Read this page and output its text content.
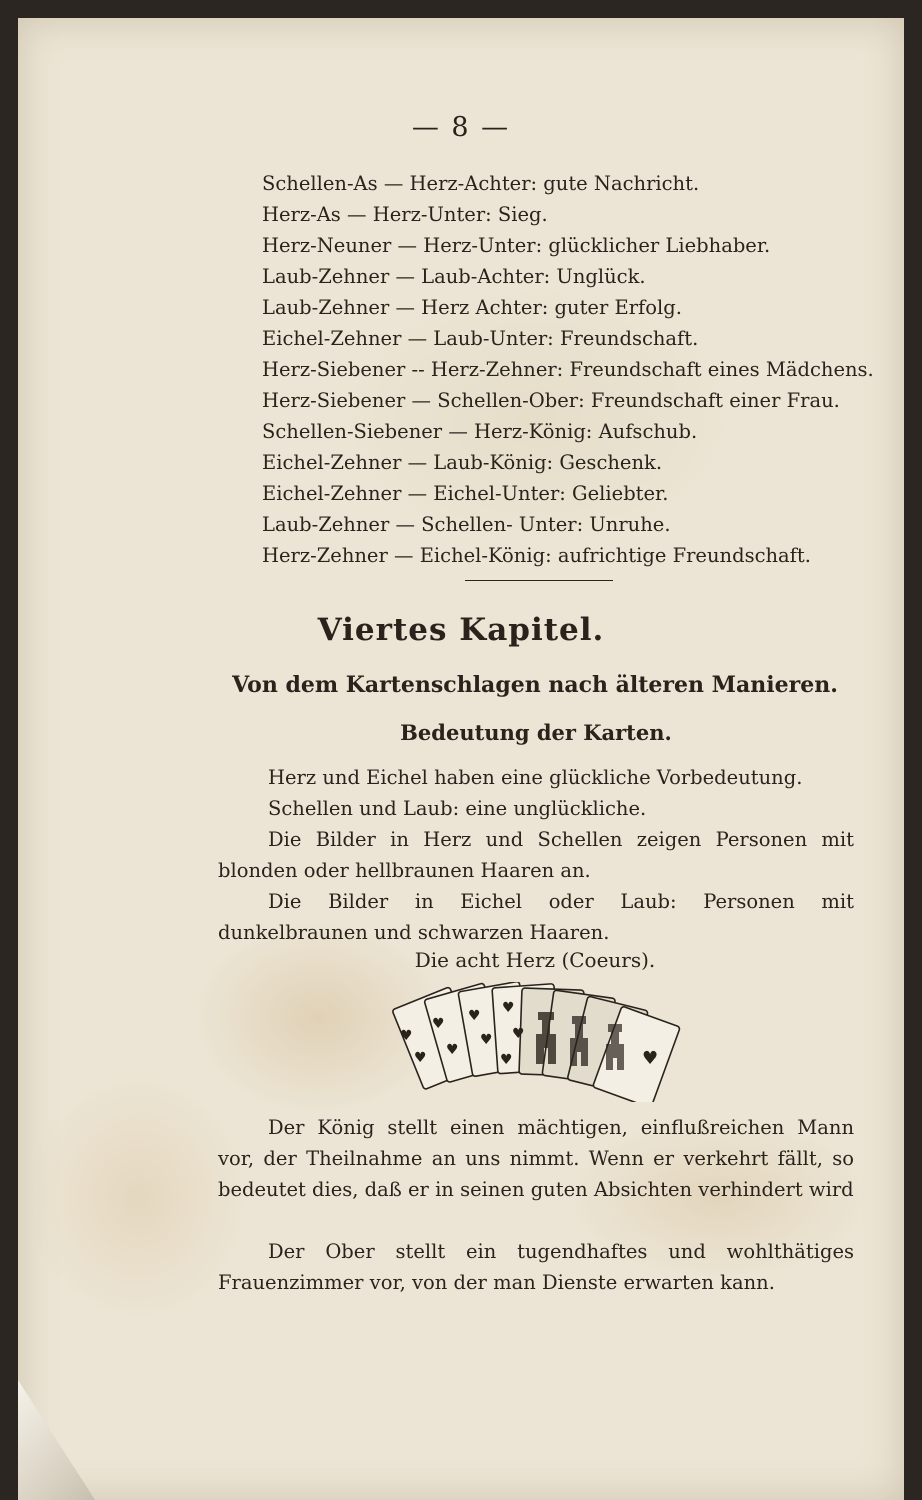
— 8 —
Schellen-As — Herz-Achter: gute Nachricht.
Herz-As — Herz-Unter: Sieg.
Herz-Neuner — Herz-Unter: glücklicher Liebhaber.
Laub-Zehner — Laub-Achter: Unglück.
Laub-Zehner — Herz Achter: guter Erfolg.
Eichel-Zehner — Laub-Unter: Freundschaft.
Herz-Siebener -- Herz-Zehner: Freundschaft eines Mädchens.
Herz-Siebener — Schellen-Ober: Freundschaft einer Frau.
Schellen-Siebener — Herz-König: Aufschub.
Eichel-Zehner — Laub-König: Geschenk.
Eichel-Zehner — Eichel-Unter: Geliebter.
Laub-Zehner — Schellen- Unter: Unruhe.
Herz-Zehner — Eichel-König: aufrichtige Freundschaft.
Viertes Kapitel.
Von dem Kartenschlagen nach älteren Manieren.
Bedeutung der Karten.
Herz und Eichel haben eine glückliche Vorbedeutung.
Schellen und Laub: eine unglückliche.
Die Bilder in Herz und Schellen zeigen Personen mit blonden oder hellbraunen Haaren an.
Die Bilder in Eichel oder Laub: Personen mit dunkelbraunen und schwarzen Haaren.
Die acht Herz (Coeurs).
♥
♥
♥
♥
♥
♥
♥
♥
♥	♥
Der König stellt einen mächtigen, einflußreichen Mann vor, der Theilnahme an uns nimmt. Wenn er verkehrt fällt, so bedeutet dies, daß er in seinen guten Absichten verhindert wird
Der Ober stellt ein tugendhaftes und wohlthätiges Frauenzimmer vor, von der man Dienste erwarten kann.
